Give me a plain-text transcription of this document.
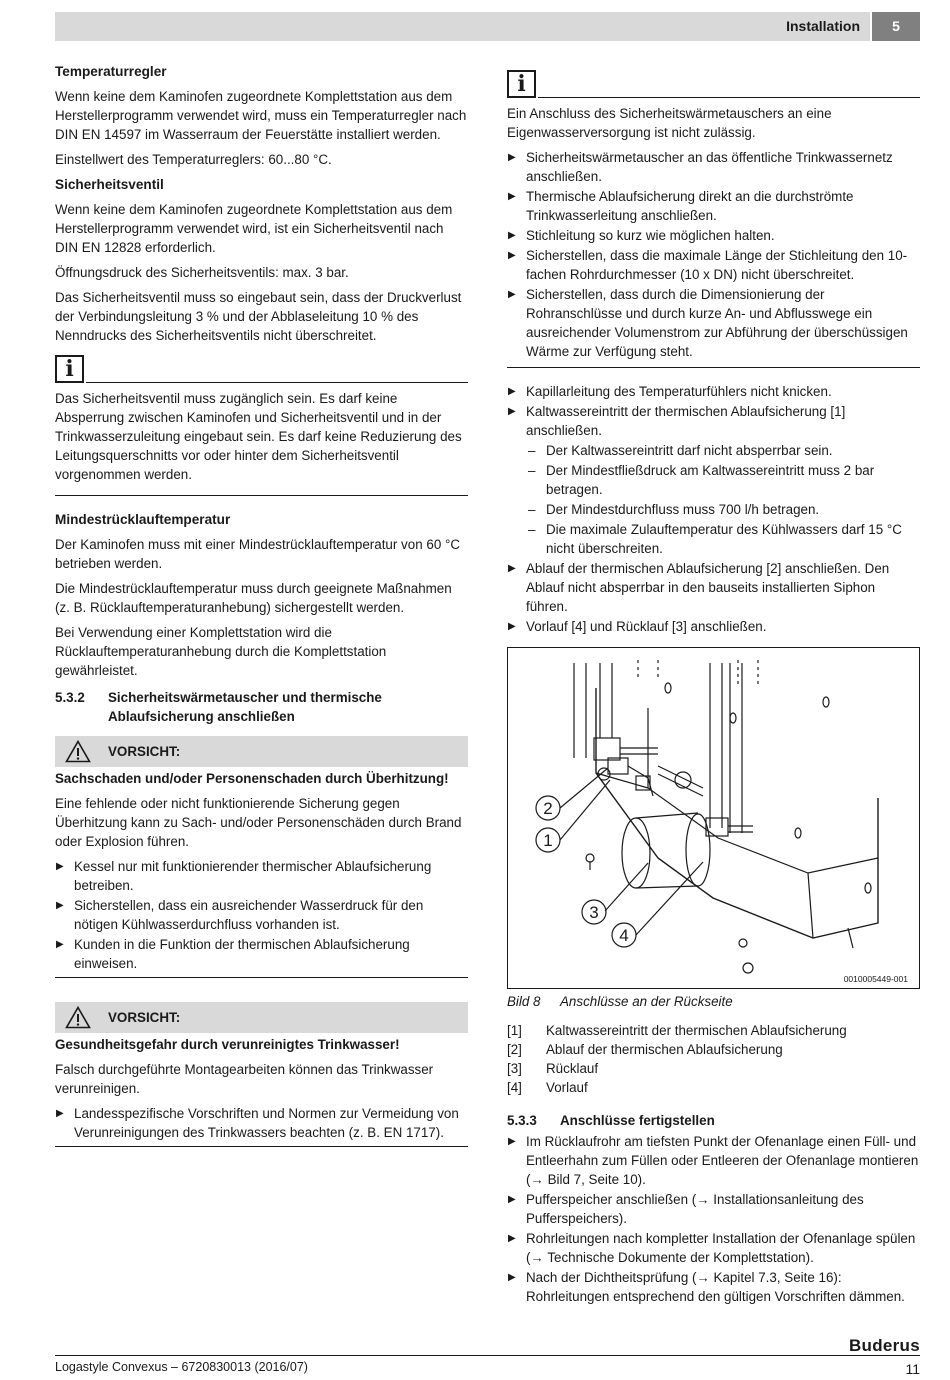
Installation	5
Temperaturregler

Wenn keine dem Kaminofen zugeordnete Komplettstation aus dem Herstellerprogramm verwendet wird, muss ein Temperaturregler nach DIN EN 14597 im Wasserraum der Feuerstätte installiert werden.

Einstellwert des Temperaturreglers: 60...80 °C.

Sicherheitsventil

Wenn keine dem Kaminofen zugeordnete Komplettstation aus dem Herstellerprogramm verwendet wird, ist ein Sicherheitsventil nach DIN EN 12828 erforderlich.

Öffnungsdruck des Sicherheitsventils: max. 3 bar.

Das Sicherheitsventil muss so eingebaut sein, dass der Druckverlust der Verbindungsleitung 3 % und der Abblaseleitung 10 % des Nenndrucks des Sicherheitsventils nicht überschreitet.

i

Das Sicherheitsventil muss zugänglich sein. Es darf keine Absperrung zwischen Kaminofen und Sicherheitsventil und in der Trinkwasserzuleitung eingebaut sein. Es darf keine Reduzierung des Leitungsquerschnitts vor oder hinter dem Sicherheitsventil vorgenommen werden.

Mindestrücklauftemperatur

Der Kaminofen muss mit einer Mindestrücklauftemperatur von 60 °C betrieben werden.

Die Mindestrücklauftemperatur muss durch geeignete Maßnahmen (z. B. Rücklauftemperaturanhebung) sichergestellt werden.

Bei Verwendung einer Komplettstation wird die Rücklauftemperaturanhebung durch die Komplettstation gewährleistet.

5.3.2	Sicherheitswärmetauscher und thermische Ablaufsicherung anschließen
VORSICHT:
Sachschaden und/oder Personenschaden durch Überhitzung!

Eine fehlende oder nicht funktionierende Sicherung gegen Überhitzung kann zu Sach- und/oder Personenschäden durch Brand oder Explosion führen.

▶ Kessel nur mit funktionierender thermischer Ablaufsicherung betreiben.
▶ Sicherstellen, dass ein ausreichender Wasserdruck für den nötigen Kühlwasserdurchfluss vorhanden ist.
▶ Kunden in die Funktion der thermischen Ablaufsicherung einweisen.
VORSICHT:
Gesundheitsgefahr durch verunreinigtes Trinkwasser!

Falsch durchgeführte Montagearbeiten können das Trinkwasser verunreinigen.

▶ Landesspezifische Vorschriften und Normen zur Vermeidung von Verunreinigungen des Trinkwassers beachten (z. B. EN 1717).
i

Ein Anschluss des Sicherheitswärmetauschers an eine Eigenwasserversorgung ist nicht zulässig.

▶ Sicherheitswärmetauscher an das öffentliche Trinkwassernetz anschließen.
▶ Thermische Ablaufsicherung direkt an die durchströmte Trinkwasserleitung anschließen.
▶ Stichleitung so kurz wie möglichen halten.
▶ Sicherstellen, dass die maximale Länge der Stichleitung den 10-fachen Rohrdurchmesser (10 x DN) nicht überschreitet.
▶ Sicherstellen, dass durch die Dimensionierung der Rohranschlüsse und durch kurze An- und Abflusswege ein ausreichender Volumenstrom zur Abführung der überschüssigen Wärme zur Verfügung steht.
▶ Kapillarleitung des Temperaturfühlers nicht knicken.
▶ Kaltwassereintritt der thermischen Ablaufsicherung [1] anschließen.
– Der Kaltwassereintritt darf nicht absperrbar sein.
– Der Mindestfließdruck am Kaltwassereintritt muss 2 bar betragen.
– Der Mindestdurchfluss muss 700 l/h betragen.
– Die maximale Zulauftemperatur des Kühlwassers darf 15 °C nicht überschreiten.
▶ Ablauf der thermischen Ablaufsicherung [2] anschließen. Den Ablauf nicht absperrbar in den bauseits installierten Siphon führen.
▶ Vorlauf [4] und Rücklauf [3] anschließen.
2
1
3
4
0010005449-001
Bild 8 Anschlüsse an der Rückseite
[1]	Kaltwassereintritt der thermischen Ablaufsicherung
[2]	Ablauf der thermischen Ablaufsicherung
[3]	Rücklauf
[4]	Vorlauf
5.3.3	Anschlüsse fertigstellen
▶ Im Rücklaufrohr am tiefsten Punkt der Ofenanlage einen Füll- und Entleerhahn zum Füllen oder Entleeren der Ofenanlage montieren (→ Bild 7, Seite 10).
▶ Pufferspeicher anschließen (→ Installationsanleitung des Pufferspeichers).
▶ Rohrleitungen nach kompletter Installation der Ofenanlage spülen (→ Technische Dokumente der Komplettstation).
▶ Nach der Dichtheitsprüfung (→ Kapitel 7.3, Seite 16): Rohrleitungen entsprechend den gültigen Vorschriften dämmen.
Buderus
Logastyle Convexus – 6720830013 (2016/07)	11
